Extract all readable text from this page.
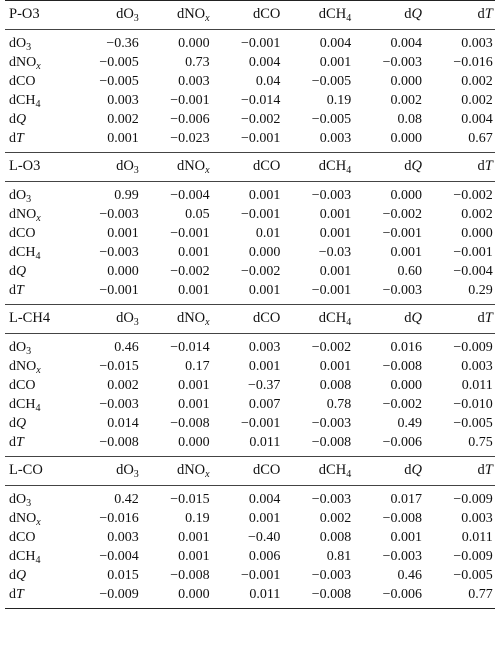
P-O3	$dO_3$	dNO$_x$	dCO	dCH$_4$	dQ	dT
$dO_3$	−0.36	0.000	−0.001	0.004	0.004	0.003
dNO$_x$	−0.005	0.73	0.004	0.001	−0.003	−0.016
dCO	−0.005	0.003	0.04	−0.005	0.000	0.002
dCH$_4$	0.003	−0.001	−0.014	0.19	0.002	0.002
dQ	0.002	−0.006	−0.002	−0.005	0.08	0.004
dT	0.001	−0.023	−0.001	0.003	0.000	0.67
L-O3	$dO_3$	dNO$_x$	dCO	dCH$_4$	dQ	dT
$dO_3$	0.99	−0.004	0.001	−0.003	0.000	−0.002
dNO$_x$	−0.003	0.05	−0.001	0.001	−0.002	0.002
dCO	0.001	−0.001	0.01	0.001	−0.001	0.000
dCH$_4$	−0.003	0.001	0.000	−0.03	0.001	−0.001
dQ	0.000	−0.002	−0.002	0.001	0.60	−0.004
dT	−0.001	0.001	0.001	−0.001	−0.003	0.29
L-CH4	$dO_3$	dNO$_x$	dCO	dCH$_4$	dQ	dT
$dO_3$	0.46	−0.014	0.003	−0.002	0.016	−0.009
dNO$_x$	−0.015	0.17	0.001	0.001	−0.008	0.003
dCO	0.002	0.001	−0.37	0.008	0.000	0.011
dCH$_4$	−0.003	0.001	0.007	0.78	−0.002	−0.010
dQ	0.014	−0.008	−0.001	−0.003	0.49	−0.005
dT	−0.008	0.000	0.011	−0.008	−0.006	0.75
L-CO	$dO_3$	dNO$_x$	dCO	dCH$_4$	dQ	dT
$dO_3$	0.42	−0.015	0.004	−0.003	0.017	−0.009
dNO$_x$	−0.016	0.19	0.001	0.002	−0.008	0.003
dCO	0.003	0.001	−0.40	0.008	0.001	0.011
dCH$_4$	−0.004	0.001	0.006	0.81	−0.003	−0.009
dQ	0.015	−0.008	−0.001	−0.003	0.46	−0.005
dT	−0.009	0.000	0.011	−0.008	−0.006	0.77
